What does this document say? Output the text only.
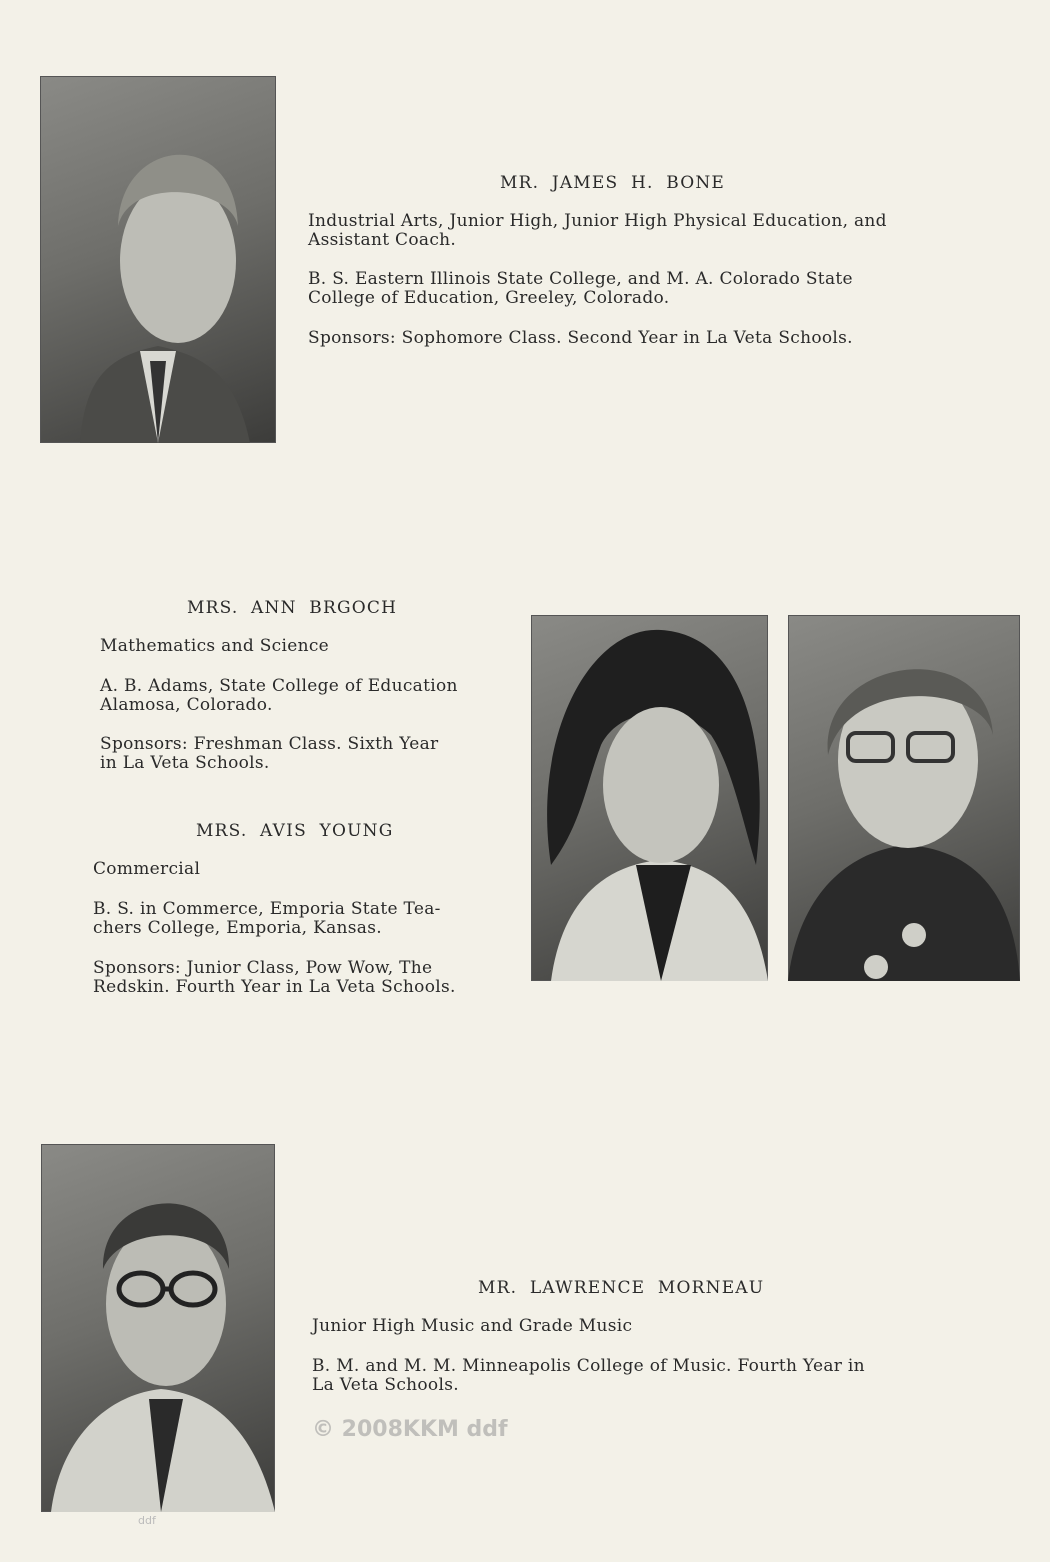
MR. JAMES H. BONE
Industrial Arts, Junior High, Junior High Physical Education, and
Assistant Coach.
B. S. Eastern Illinois State College, and M. A. Colorado State
College of Education, Greeley, Colorado.
Sponsors: Sophomore Class. Second Year in La Veta Schools.
MRS. ANN BRGOCH
Mathematics and Science
A. B. Adams, State College of Education
Alamosa, Colorado.
Sponsors: Freshman Class. Sixth Year
in La Veta Schools.
MRS. AVIS YOUNG
Commercial
B. S. in Commerce, Emporia State Tea-
chers College, Emporia, Kansas.
Sponsors: Junior Class, Pow Wow, The
Redskin. Fourth Year in La Veta Schools.
MR. LAWRENCE MORNEAU
Junior High Music and Grade Music
B. M. and M. M. Minneapolis College of Music. Fourth Year in
La Veta Schools.
© 2008KKM ddf
ddf
